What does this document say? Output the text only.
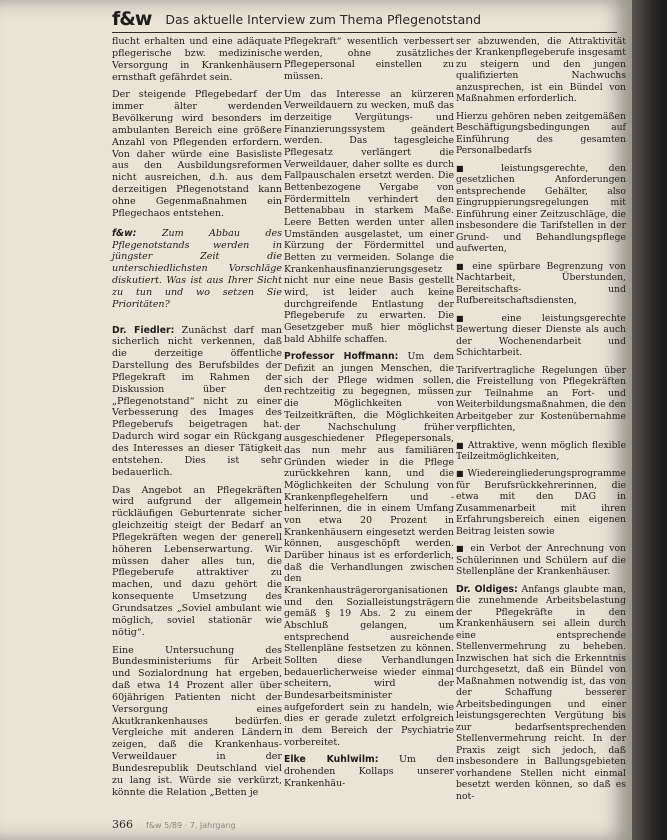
f&w Das aktuelle Interview zum Thema Pflegenotstand

flucht erhalten und eine adäquate pflegerische bzw. medizinische Versorgung in Krankenhäusern ernsthaft gefährdet sein.

Der steigende Pflegebedarf der immer älter werdenden Bevölkerung wird besonders im ambulanten Bereich eine größere Anzahl von Pflegenden erfordern. Von daher würde eine Basisliste aus den Ausbildungsreformen nicht ausreichen, d.h. aus dem derzeitigen Pflegenotstand kann ohne Gegenmaßnahmen ein Pflegechaos entstehen.

f&w: Zum Abbau des Pflegenotstands werden in jüngster Zeit die unterschiedlichsten Vorschläge diskutiert. Was ist aus Ihrer Sicht zu tun und wo setzen Sie Prioritäten?

Dr. Fiedler: Zunächst darf man sicherlich nicht verkennen, daß die derzeitige öffentliche Darstellung des Berufsbildes der Pflegekraft im Rahmen der Diskussion über den „Pflegenotstand“ nicht zu einer Verbesserung des Images des Pflegeberufs beigetragen hat. Dadurch wird sogar ein Rückgang des Interesses an dieser Tätigkeit entstehen. Dies ist sehr bedauerlich.

Das Angebot an Pflegekräften wird aufgrund der allgemein rückläufigen Geburtenrate sicher gleichzeitig steigt der Bedarf an Pflegekräften wegen der generell höheren Lebenserwartung. Wir müssen daher alles tun, die Pflegeberufe attraktiver zu machen, und dazu gehört die konsequente Umsetzung des Grundsatzes „Soviel ambulant wie möglich, soviel stationär wie nötig“.

Eine Untersuchung des Bundesministeriums für Arbeit und Sozialordnung hat ergeben, daß etwa 14 Prozent aller über 60jährigen Patienten nicht der Versorgung eines Akutkrankenhauses bedürfen. Vergleiche mit anderen Ländern zeigen, daß die Krankenhaus-Verweildauer in der Bundesrepublik Deutschland viel zu lang ist. Würde sie verkürzt, könnte die Relation „Betten je

Pflegekraft“ wesentlich verbessert werden, ohne zusätzliches Pflegepersonal einstellen zu müssen.

Um das Interesse an kürzeren Verweildauern zu wecken, muß das derzeitige Vergütungs- und Finanzierungssystem geändert werden. Das tagesgleiche Pflegesatz verlängert die Verweildauer, daher sollte es durch Fallpauschalen ersetzt werden. Die Bettenbezogene Vergabe von Fördermitteln verhindert den Bettenabbau in starkem Maße. Leere Betten werden unter allen Umständen ausgelastet, um einer Kürzung der Fördermittel und Betten zu vermeiden. Solange die Krankenhausfinanzierungsgesetz nicht nur eine neue Basis gestellt wird, ist leider auch keine durchgreifende Entlastung der Pflegeberufe zu erwarten. Die Gesetzgeber muß hier möglichst bald Abhilfe schaffen.

Professor Hoffmann: Um dem Defizit an jungen Menschen, die sich der Pflege widmen sollen, rechtzeitig zu begegnen, müssen die Möglichkeiten von Teilzeitkräften, die Möglichkeiten der Nachschulung früher ausgeschiedener Pflegepersonals, das nun mehr aus familiären Gründen wieder in die Pflege zurückkehren kann, und die Möglichkeiten der Schulung von Krankenpflegehelfern und -helferinnen, die in einem Umfang von etwa 20 Prozent in Krankenhäusern eingesetzt werden können, ausgeschöpft werden. Darüber hinaus ist es erforderlich, daß die Verhandlungen zwischen den Krankenhausträgerorganisationen und den Sozialleistungsträgern gemäß § 19 Abs. 2 zu einem Abschluß gelangen, um entsprechend ausreichende Stellenpläne festsetzen zu können. Sollten diese Verhandlungen bedauerlicherweise wieder einmal scheitern, wird der Bundesarbeitsminister aufgefordert sein zu handeln, wie dies er gerade zuletzt erfolgreich in dem Bereich der Psychiatrie vorbereitet.

Elke Kuhlwilm: Um den drohenden Kollaps unserer Krankenhäu-

ser abzuwenden, die Attraktivität der Krankenpflegeberufe insgesamt zu steigern und den jungen qualifizierten Nachwuchs anzusprechen, ist ein Bündel von Maßnahmen erforderlich.

Hierzu gehören neben zeitgemäßen Beschäftigungsbedingungen auf Einführung des gesamten Personalbedarfs

■ leistungsgerechte, den gesetzlichen Anforderungen entsprechende Gehälter, also Eingruppierungsregelungen mit Einführung einer Zeitzuschläge, die insbesondere die Tarifstellen in der Grund- und Behandlungspflege aufwerten,

■ eine spürbare Begrenzung von Nachtarbeit, Überstunden, Bereitschafts- und Rufbereitschaftsdiensten,

■ eine leistungsgerechte Bewertung dieser Dienste als auch der Wochenendarbeit und Schichtarbeit.

Tarifvertragliche Regelungen über die Freistellung von Pflegekräften zur Teilnahme an Fort- und Weiterbildungsmaßnahmen, die den Arbeitgeber zur Kostenübernahme verpflichten,

■ Attraktive, wenn möglich flexible Teilzeitmöglichkeiten,

■ Wiedereingliederungsprogramme für Berufsrückkehrerinnen, die etwa mit den DAG in Zusammenarbeit mit ihren Erfahrungsbereich einen eigenen Beitrag leisten sowie

■ ein Verbot der Anrechnung von Schülerinnen und Schülern auf die Stellenpläne der Krankenhäuser.

Dr. Oldiges: Anfangs glaubte man, die zunehmende Arbeitsbelastung der Pflegekräfte in den Krankenhäusern sei allein durch eine entsprechende Stellenvermehrung zu beheben. Inzwischen hat sich die Erkenntnis durchgesetzt, daß ein Bündel von Maßnahmen notwendig ist, das von der Schaffung besserer Arbeitsbedingungen und einer leistungsgerechten Vergütung bis zur bedarfsentsprechenden Stellenvermehrung reicht. In der Praxis zeigt sich jedoch, daß insbesondere in Ballungsgebieten vorhandene Stellen nicht einmal besetzt werden können, so daß es not-

366 f&w 5/89 · 7. Jahrgang
